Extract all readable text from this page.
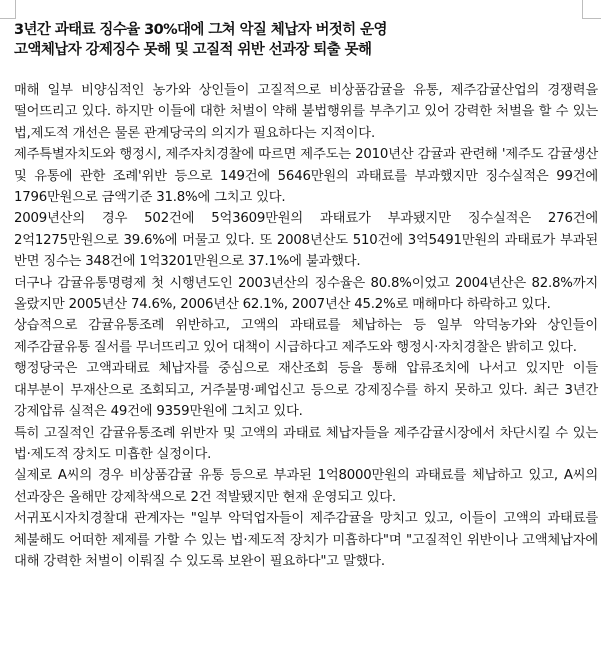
3년간 과태료 징수율 30%대에 그쳐 악질 체납자 버젓히 운영
고액체납자 강제징수 못해 및 고질적 위반 선과장 퇴출 못해

매해 일부 비양심적인 농가와 상인들이 고질적으로 비상품감귤을 유통, 제주감귤산업의 경쟁력을 떨어뜨리고 있다. 하지만 이들에 대한 처벌이 약해 불법행위를 부추기고 있어 강력한 처벌을 할 수 있는 법,제도적 개선은 물론 관계당국의 의지가 필요하다는 지적이다.

제주특별자치도와 행정시, 제주자치경찰에 따르면 제주도는 2010년산 감귤과 관련해 '제주도 감귤생산 및 유통에 관한 조례'위반 등으로 149건에 5646만원의 과태료를 부과했지만 징수실적은 99건에 1796만원으로 금액기준 31.8%에 그치고 있다.

2009년산의 경우 502건에 5억3609만원의 과태료가 부과됐지만 징수실적은 276건에 2억1275만원으로 39.6%에 머물고 있다. 또 2008년산도 510건에 3억5491만원의 과태료가 부과된 반면 징수는 348건에 1억3201만원으로 37.1%에 불과했다.

더구나 감귤유통명령제 첫 시행년도인 2003년산의 징수율은 80.8%이었고 2004년산은 82.8%까지 올랐지만 2005년산 74.6%, 2006년산 62.1%, 2007년산 45.2%로 매해마다 하락하고 있다.

상습적으로 감귤유통조례 위반하고, 고액의 과태료를 체납하는 등 일부 악덕농가와 상인들이 제주감귤유통 질서를 무너뜨리고 있어 대책이 시급하다고 제주도와 행정시·자치경찰은 밝히고 있다.

행정당국은 고액과태료 체납자를 중심으로 재산조회 등을 통해 압류조치에 나서고 있지만 이들 대부분이 무재산으로 조회되고, 거주불명·폐업신고 등으로 강제징수를 하지 못하고 있다. 최근 3년간 강제압류 실적은 49건에 9359만원에 그치고 있다.

특히 고질적인 감귤유통조례 위반자 및 고액의 과태료 체납자들을 제주감귤시장에서 차단시킬 수 있는 법·제도적 장치도 미흡한 실정이다.

실제로 A씨의 경우 비상품감귤 유통 등으로 부과된 1억8000만원의 과태료를 체납하고 있고, A씨의 선과장은 올해만 강제착색으로 2건 적발됐지만 현재 운영되고 있다.

서귀포시자치경찰대 관계자는 "일부 악덕업자들이 제주감귤을 망치고 있고, 이들이 고액의 과태료를 체불해도 어떠한 제제를 가할 수 있는 법·제도적 장치가 미흡하다"며 "고질적인 위반이나 고액체납자에 대해 강력한 처벌이 이뤄질 수 있도록 보완이 필요하다"고 말했다.
